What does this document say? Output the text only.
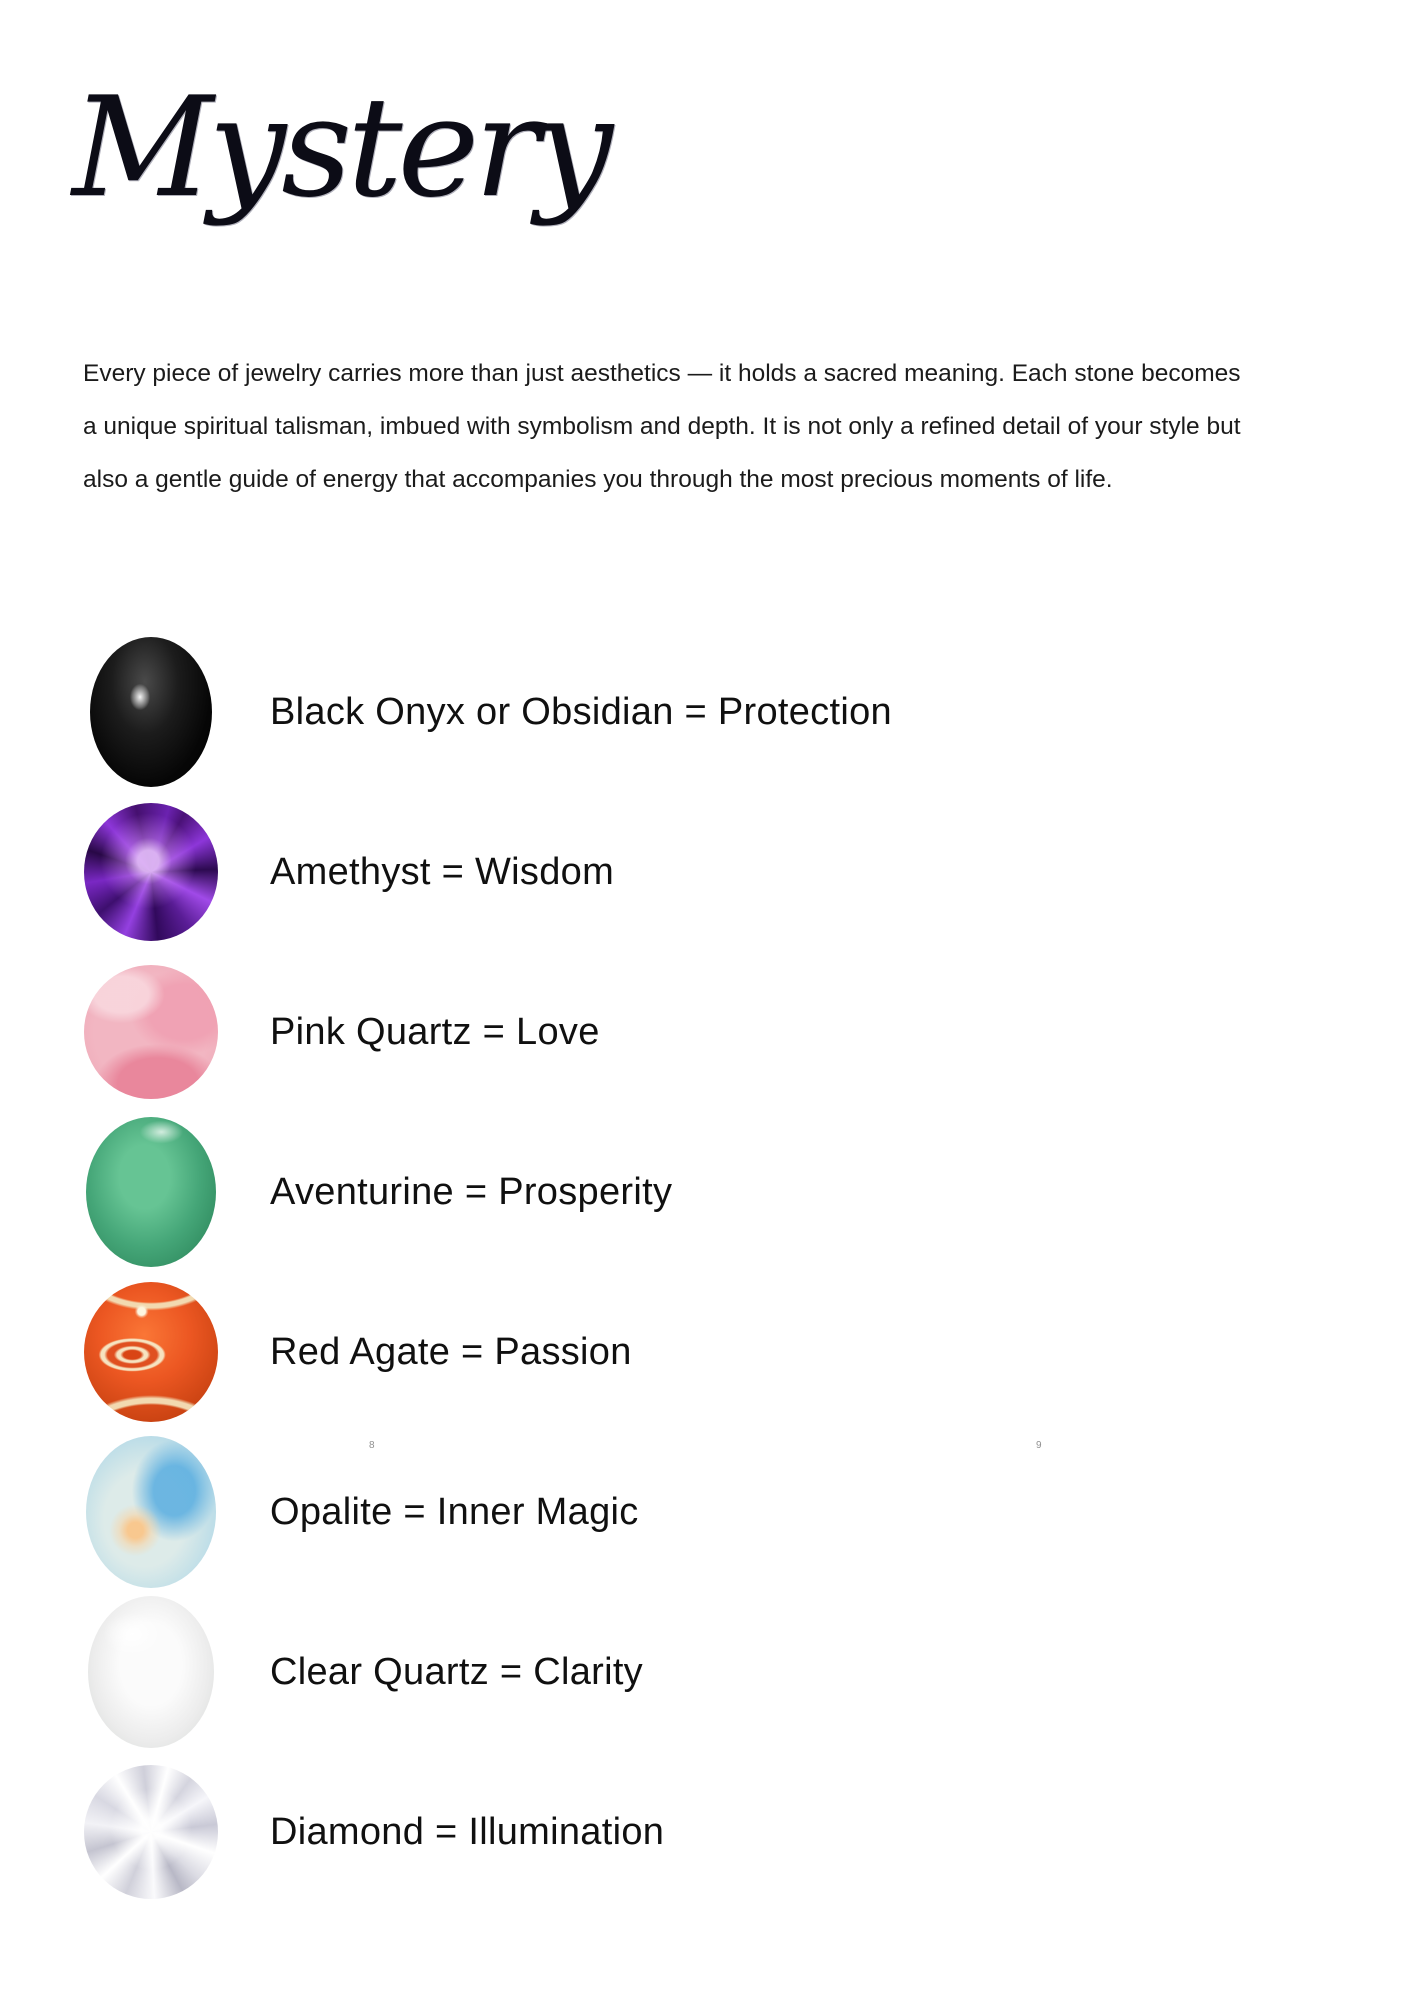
Mystery

Every piece of jewelry carries more than just aesthetics — it holds a sacred meaning. Each stone becomes a unique spiritual talisman, imbued with symbolism and depth. It is not only a refined detail of your style but also a gentle guide of energy that accompanies you through the most precious moments of life.

Black Onyx or Obsidian = Protection
Amethyst = Wisdom
Pink Quartz = Love
Aventurine = Prosperity
Red Agate = Passion
Opalite = Inner Magic
Clear Quartz = Clarity
Diamond = Illumination
8	9
